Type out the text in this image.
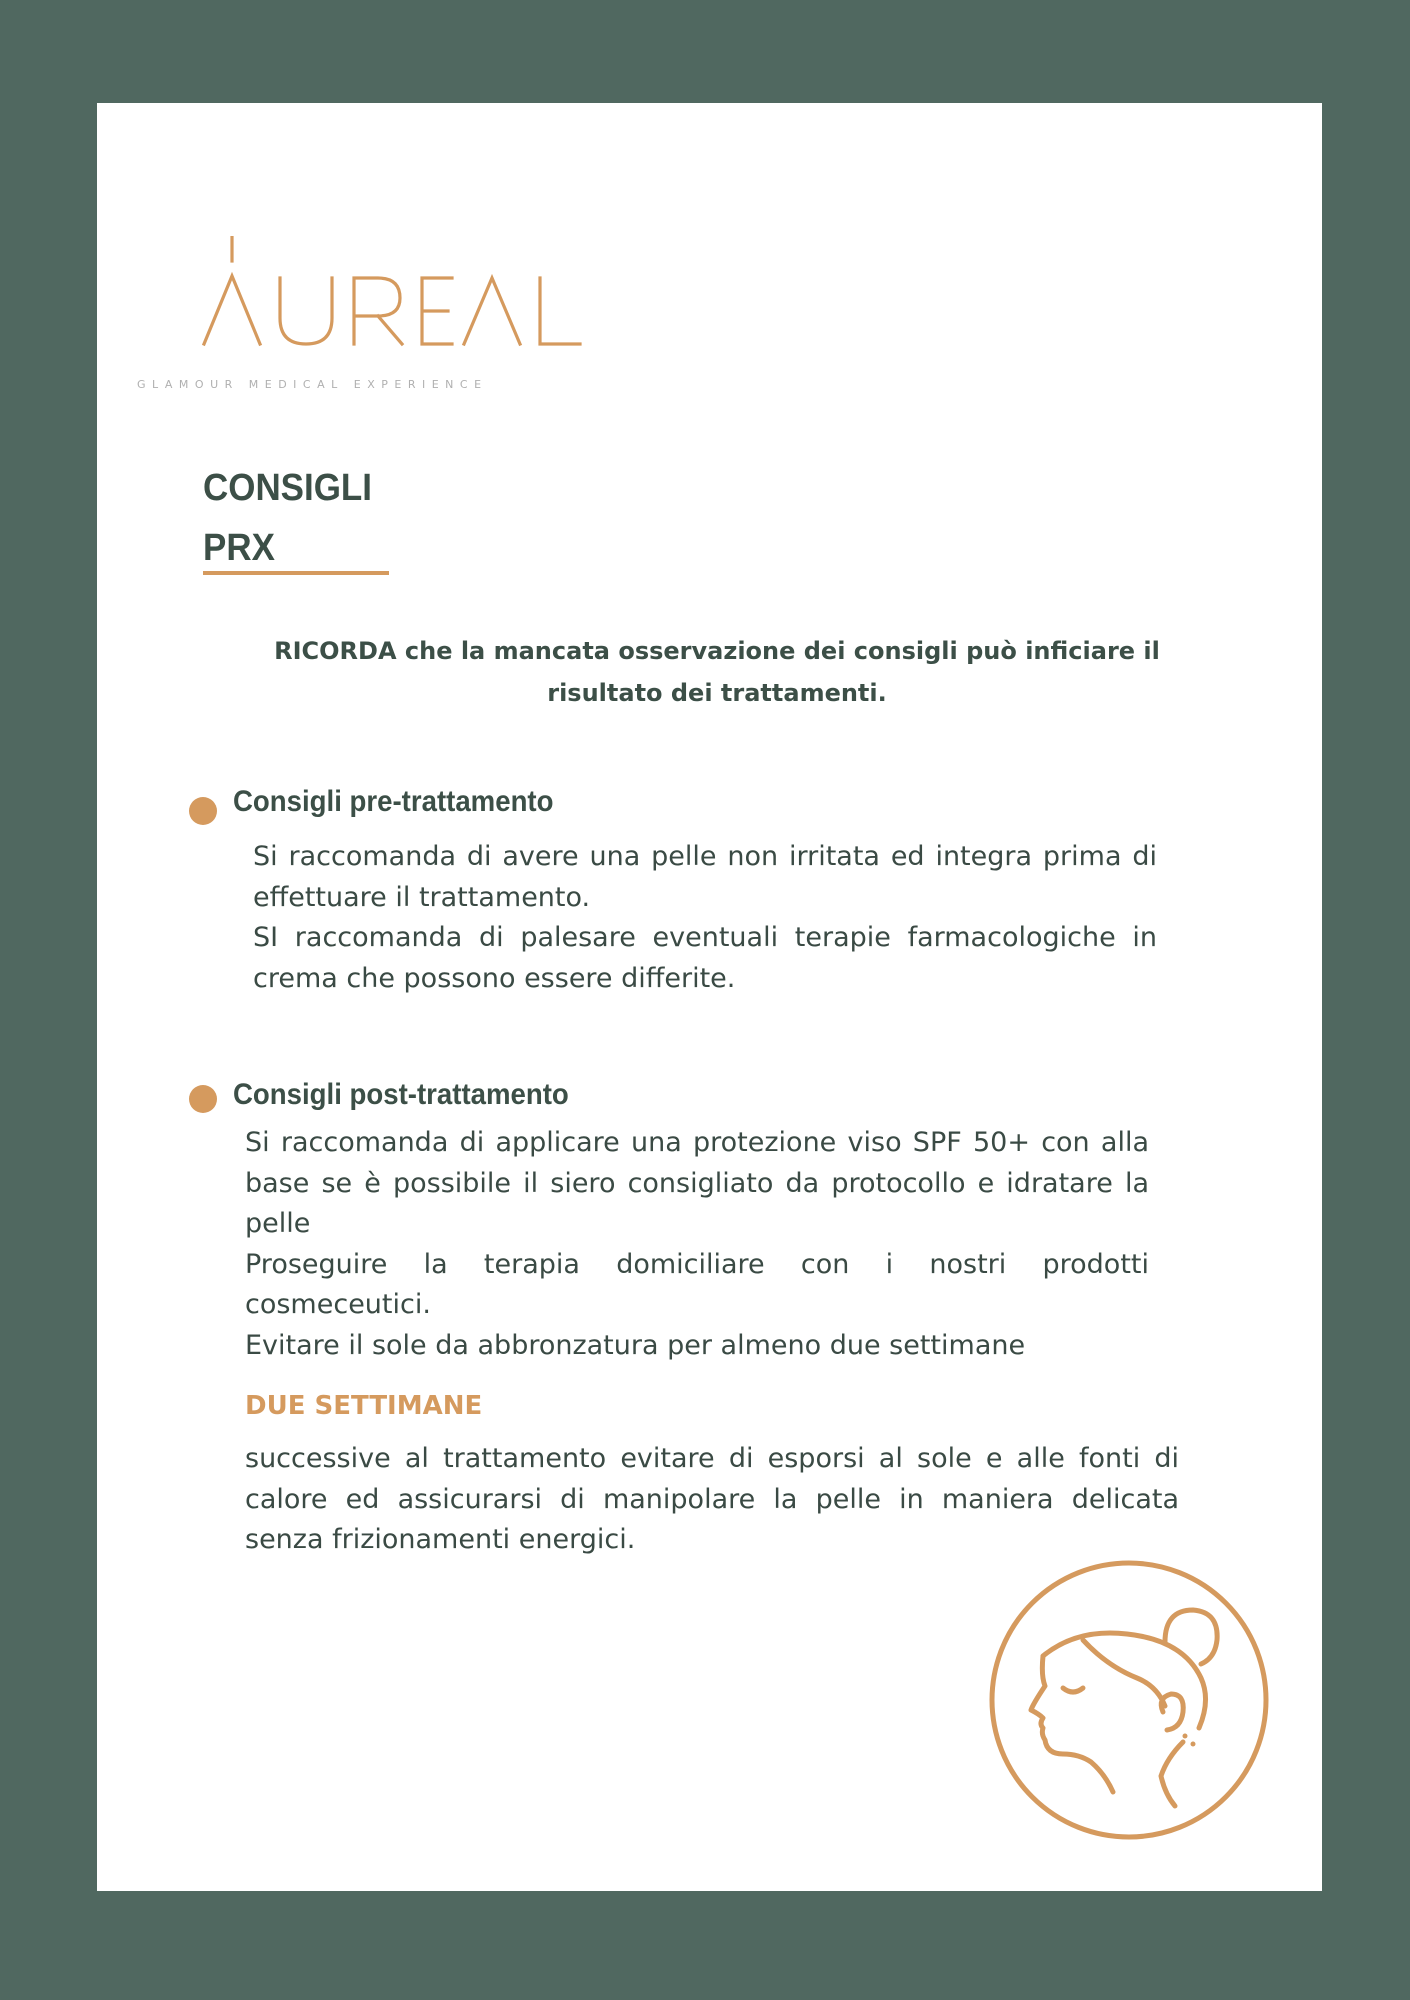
GLAMOUR MEDICAL EXPERIENCE
CONSIGLI
PRX
RICORDA che la mancata osservazione dei consigli può inficiare il risultato dei trattamenti.
Consigli pre-trattamento

Si raccomanda di avere una pelle non irritata ed integra prima di effettuare il trattamento.

SI raccomanda di palesare eventuali terapie farmacologiche in crema che possono essere differite.

Consigli post-trattamento

Si raccomanda di applicare una protezione viso SPF 50+ con alla base se è possibile il siero consigliato da protocollo e idratare la pelle

Proseguire la terapia domiciliare con i nostri prodotti cosmeceutici.

Evitare il sole da abbronzatura per almeno due settimane

DUE SETTIMANE

successive al trattamento evitare di esporsi al sole e alle fonti di calore ed assicurarsi di manipolare la pelle in maniera delicata senza frizionamenti energici.
